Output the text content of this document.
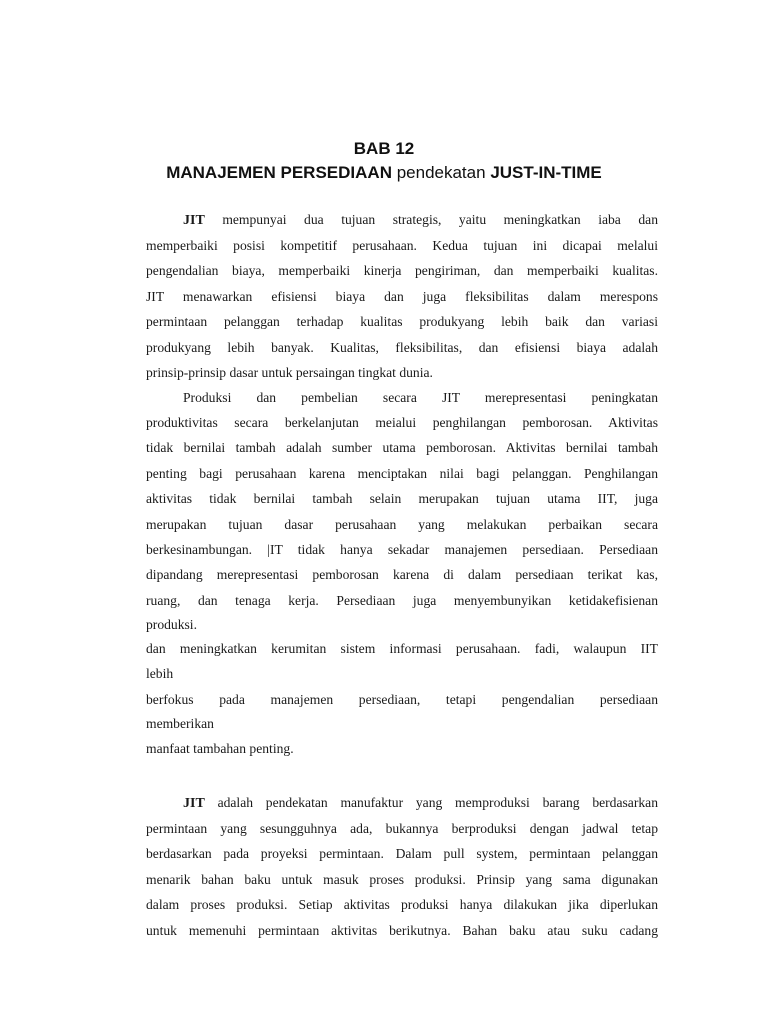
BAB 12
MANAJEMEN PERSEDIAAN pendekatan JUST-IN-TIME
JIT mempunyai dua tujuan strategis, yaitu meningkatkan iaba dan
memperbaiki posisi kompetitif perusahaan. Kedua tujuan ini dicapai melalui
pengendalian biaya, memperbaiki kinerja pengiriman, dan memperbaiki kualitas.
JIT menawarkan efisiensi biaya dan juga fleksibilitas dalam merespons
permintaan pelanggan terhadap kualitas produkyang lebih baik dan variasi
produkyang lebih banyak. Kualitas, fleksibilitas, dan efisiensi biaya adalah
prinsip-prinsip dasar untuk persaingan tingkat dunia.
Produksi dan pembelian secara JIT merepresentasi peningkatan
produktivitas secara berkelanjutan meialui penghilangan pemborosan. Aktivitas
tidak bernilai tambah adalah sumber utama pemborosan. Aktivitas bernilai tambah
penting bagi perusahaan karena menciptakan nilai bagi pelanggan. Penghilangan
aktivitas tidak bernilai tambah selain merupakan tujuan utama IIT, juga
merupakan tujuan dasar perusahaan yang melakukan perbaikan secara
berkesinambungan. |IT tidak hanya sekadar manajemen persediaan. Persediaan
dipandang merepresentasi pemborosan karena di dalam persediaan terikat kas,
ruang, dan tenaga kerja. Persediaan juga menyembunyikan ketidakefisienan
produksi.
dan meningkatkan kerumitan sistem informasi perusahaan. fadi, walaupun IIT
lebih
berfokus pada manajemen persediaan, tetapi pengendalian persediaan
memberikan
manfaat tambahan penting.
JIT adalah pendekatan manufaktur yang memproduksi barang berdasarkan
permintaan yang sesungguhnya ada, bukannya berproduksi dengan jadwal tetap
berdasarkan pada proyeksi permintaan. Dalam pull system, permintaan pelanggan
menarik bahan baku untuk masuk proses produksi. Prinsip yang sama digunakan
dalam proses produksi. Setiap aktivitas produksi hanya dilakukan jika diperlukan
untuk memenuhi permintaan aktivitas berikutnya. Bahan baku atau suku cadang
